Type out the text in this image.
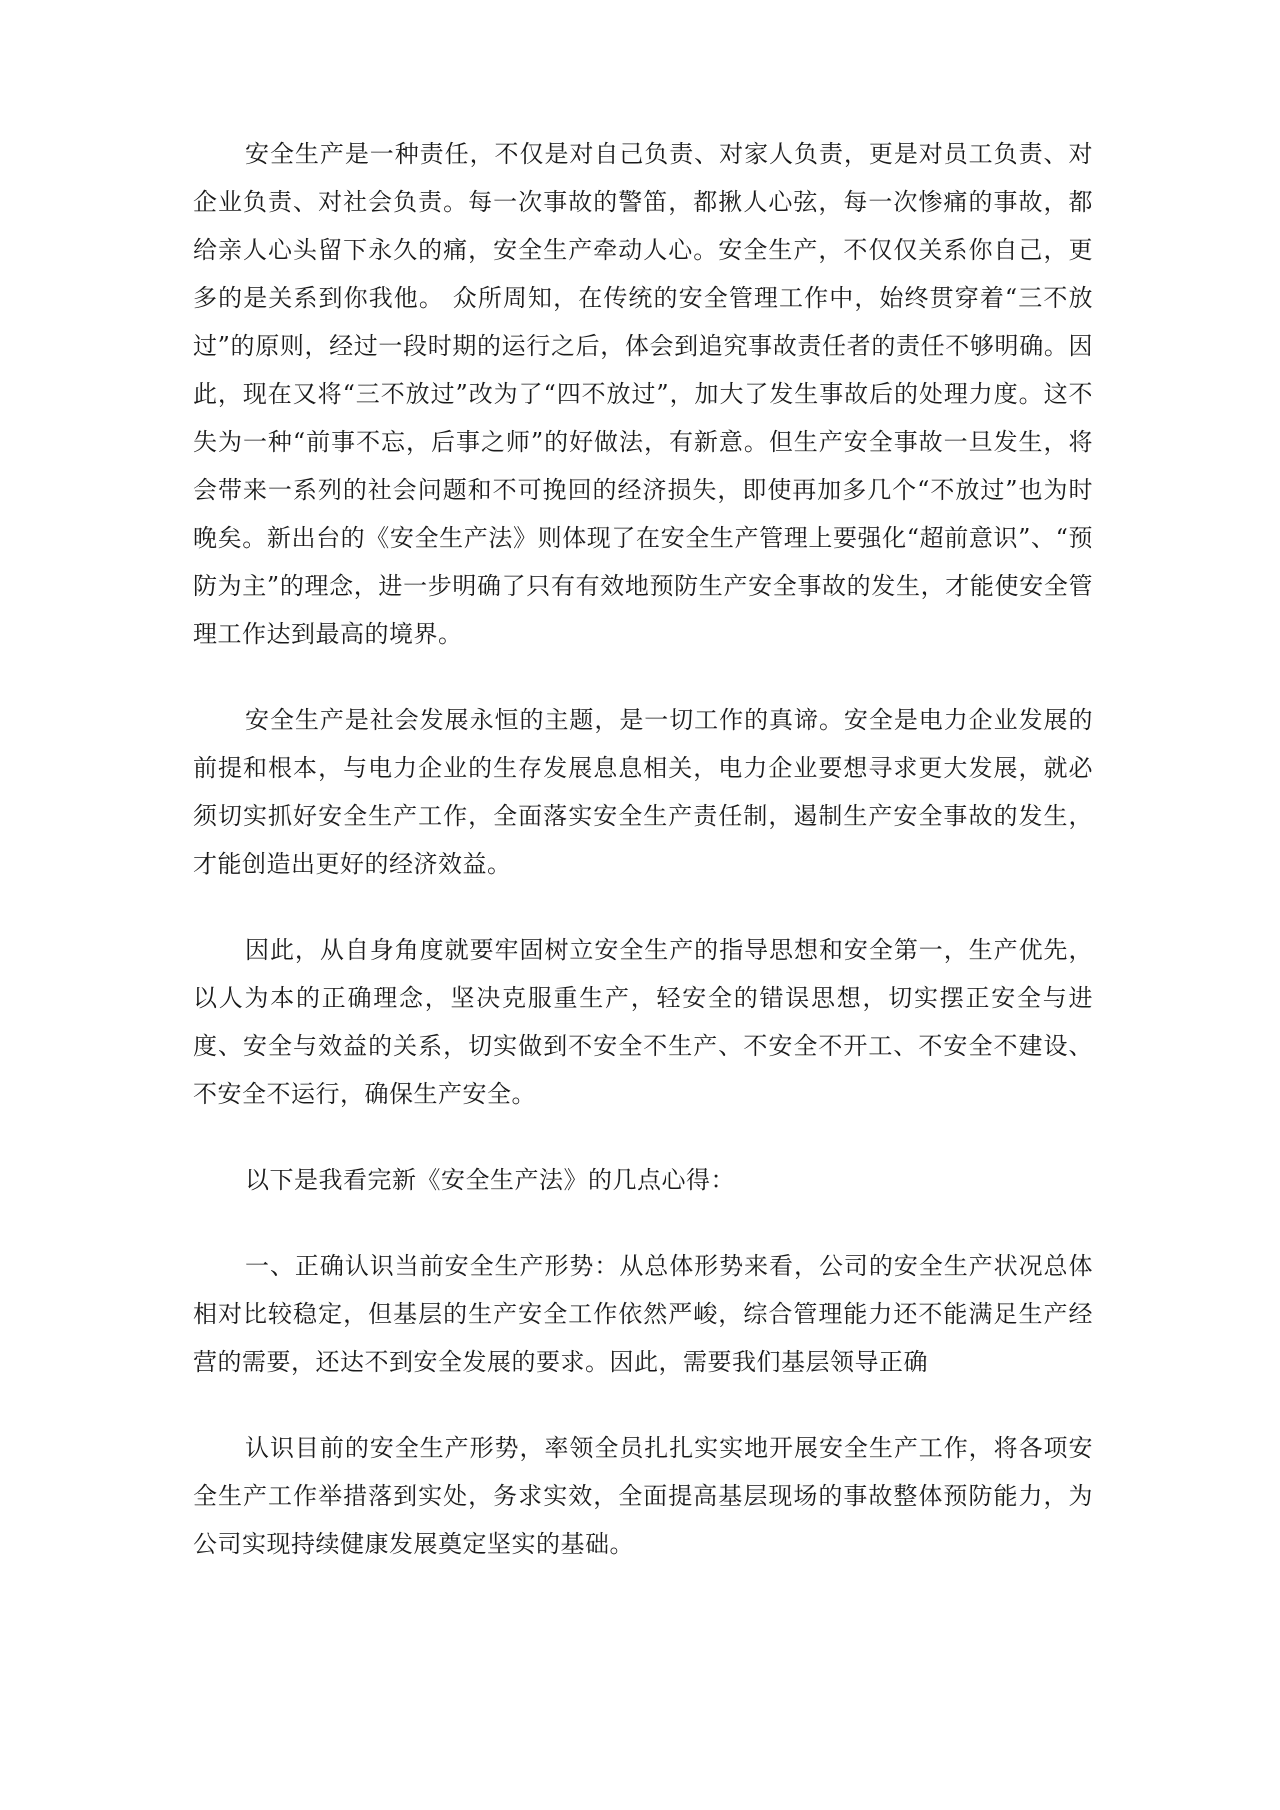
安全生产是一种责任，不仅是对自己负责、对家人负责，更是对员工负责、对企业负责、对社会负责。每一次事故的警笛，都揪人心弦，每一次惨痛的事故，都给亲人心头留下永久的痛，安全生产牵动人心。安全生产，不仅仅关系你自己，更多的是关系到你我他。 众所周知，在传统的安全管理工作中，始终贯穿着“三不放过”的原则，经过一段时期的运行之后，体会到追究事故责任者的责任不够明确。因此，现在又将“三不放过”改为了“四不放过”，加大了发生事故后的处理力度。这不失为一种“前事不忘，后事之师”的好做法，有新意。但生产安全事故一旦发生，将会带来一系列的社会问题和不可挽回的经济损失，即使再加多几个“不放过”也为时晚矣。新出台的《安全生产法》则体现了在安全生产管理上要强化“超前意识”、“预防为主”的理念，进一步明确了只有有效地预防生产安全事故的发生，才能使安全管理工作达到最高的境界。

安全生产是社会发展永恒的主题，是一切工作的真谛。安全是电力企业发展的前提和根本，与电力企业的生存发展息息相关，电力企业要想寻求更大发展，就必须切实抓好安全生产工作，全面落实安全生产责任制，遏制生产安全事故的发生，才能创造出更好的经济效益。

因此，从自身角度就要牢固树立安全生产的指导思想和安全第一，生产优先，以人为本的正确理念，坚决克服重生产，轻安全的错误思想，切实摆正安全与进度、安全与效益的关系，切实做到不安全不生产、不安全不开工、不安全不建设、不安全不运行，确保生产安全。

以下是我看完新《安全生产法》的几点心得：

一、正确认识当前安全生产形势：从总体形势来看，公司的安全生产状况总体相对比较稳定，但基层的生产安全工作依然严峻，综合管理能力还不能满足生产经营的需要，还达不到安全发展的要求。因此，需要我们基层领导正确

认识目前的安全生产形势，率领全员扎扎实实地开展安全生产工作，将各项安全生产工作举措落到实处，务求实效，全面提高基层现场的事故整体预防能力，为公司实现持续健康发展奠定坚实的基础。
